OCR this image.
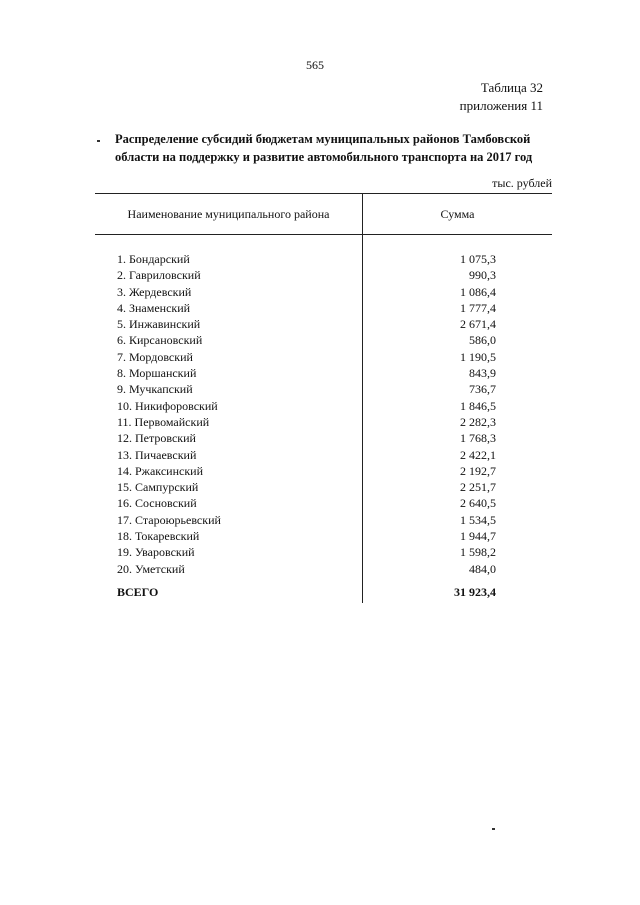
565
Таблица 32
приложения 11
Распределение субсидий бюджетам муниципальных районов Тамбовской области на поддержку и развитие автомобильного транспорта на 2017 год
тыс. рублей
Наименование муниципального района	Сумма
1. Бондарский	1 075,3
2. Гавриловский	990,3
3. Жердевский	1 086,4
4. Знаменский	1 777,4
5. Инжавинский	2 671,4
6. Кирсановский	586,0
7. Мордовский	1 190,5
8. Моршанский	843,9
9. Мучкапский	736,7
10. Никифоровский	1 846,5
11. Первомайский	2 282,3
12. Петровский	1 768,3
13. Пичаевский	2 422,1
14. Ржаксинский	2 192,7
15. Сампурский	2 251,7
16. Сосновский	2 640,5
17. Староюрьевский	1 534,5
18. Токаревский	1 944,7
19. Уваровский	1 598,2
20. Уметский	484,0
ВСЕГО	31 923,4
